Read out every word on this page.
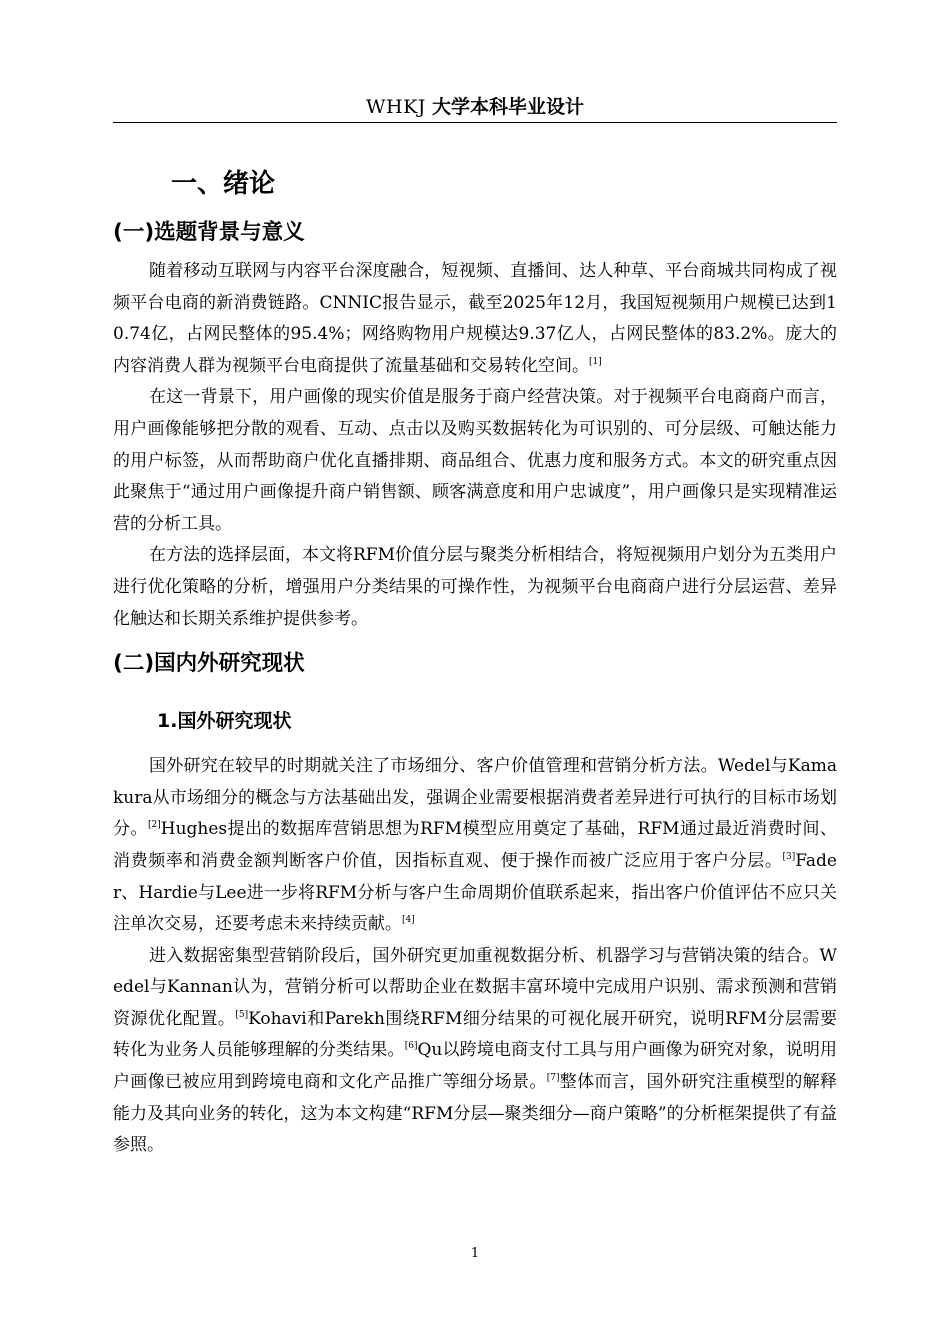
WHKJ 大学本科毕业设计
一、绪论
(一)选题背景与意义

随着移动互联网与内容平台深度融合，短视频、直播间、达人种草、平台商城共同构成了视频平台电商的新消费链路。CNNIC报告显示，截至2025年12月，我国短视频用户规模已达到10.74亿，占网民整体的95.4%；网络购物用户规模达9.37亿人，占网民整体的83.2%。庞大的内容消费人群为视频平台电商提供了流量基础和交易转化空间。[1]

在这一背景下，用户画像的现实价值是服务于商户经营决策。对于视频平台电商商户而言，用户画像能够把分散的观看、互动、点击以及购买数据转化为可识别的、可分层级、可触达能力的用户标签，从而帮助商户优化直播排期、商品组合、优惠力度和服务方式。本文的研究重点因此聚焦于“通过用户画像提升商户销售额、顾客满意度和用户忠诚度”，用户画像只是实现精准运营的分析工具。

在方法的选择层面，本文将RFM价值分层与聚类分析相结合，将短视频用户划分为五类用户进行优化策略的分析，增强用户分类结果的可操作性，为视频平台电商商户进行分层运营、差异化触达和长期关系维护提供参考。

(二)国内外研究现状
1.国外研究现状

国外研究在较早的时期就关注了市场细分、客户价值管理和营销分析方法。Wedel与Kamakura从市场细分的概念与方法基础出发，强调企业需要根据消费者差异进行可执行的目标市场划分。[2]Hughes提出的数据库营销思想为RFM模型应用奠定了基础，RFM通过最近消费时间、消费频率和消费金额判断客户价值，因指标直观、便于操作而被广泛应用于客户分层。[3]Fader、Hardie与Lee进一步将RFM分析与客户生命周期价值联系起来，指出客户价值评估不应只关注单次交易，还要考虑未来持续贡献。[4]

进入数据密集型营销阶段后，国外研究更加重视数据分析、机器学习与营销决策的结合。Wedel与Kannan认为，营销分析可以帮助企业在数据丰富环境中完成用户识别、需求预测和营销资源优化配置。[5]Kohavi和Parekh围绕RFM细分结果的可视化展开研究，说明RFM分层需要转化为业务人员能够理解的分类结果。[6]Qu以跨境电商支付工具与用户画像为研究对象，说明用户画像已被应用到跨境电商和文化产品推广等细分场景。[7]整体而言，国外研究注重模型的解释能力及其向业务的转化，这为本文构建“RFM分层—聚类细分—商户策略”的分析框架提供了有益参照。

1
